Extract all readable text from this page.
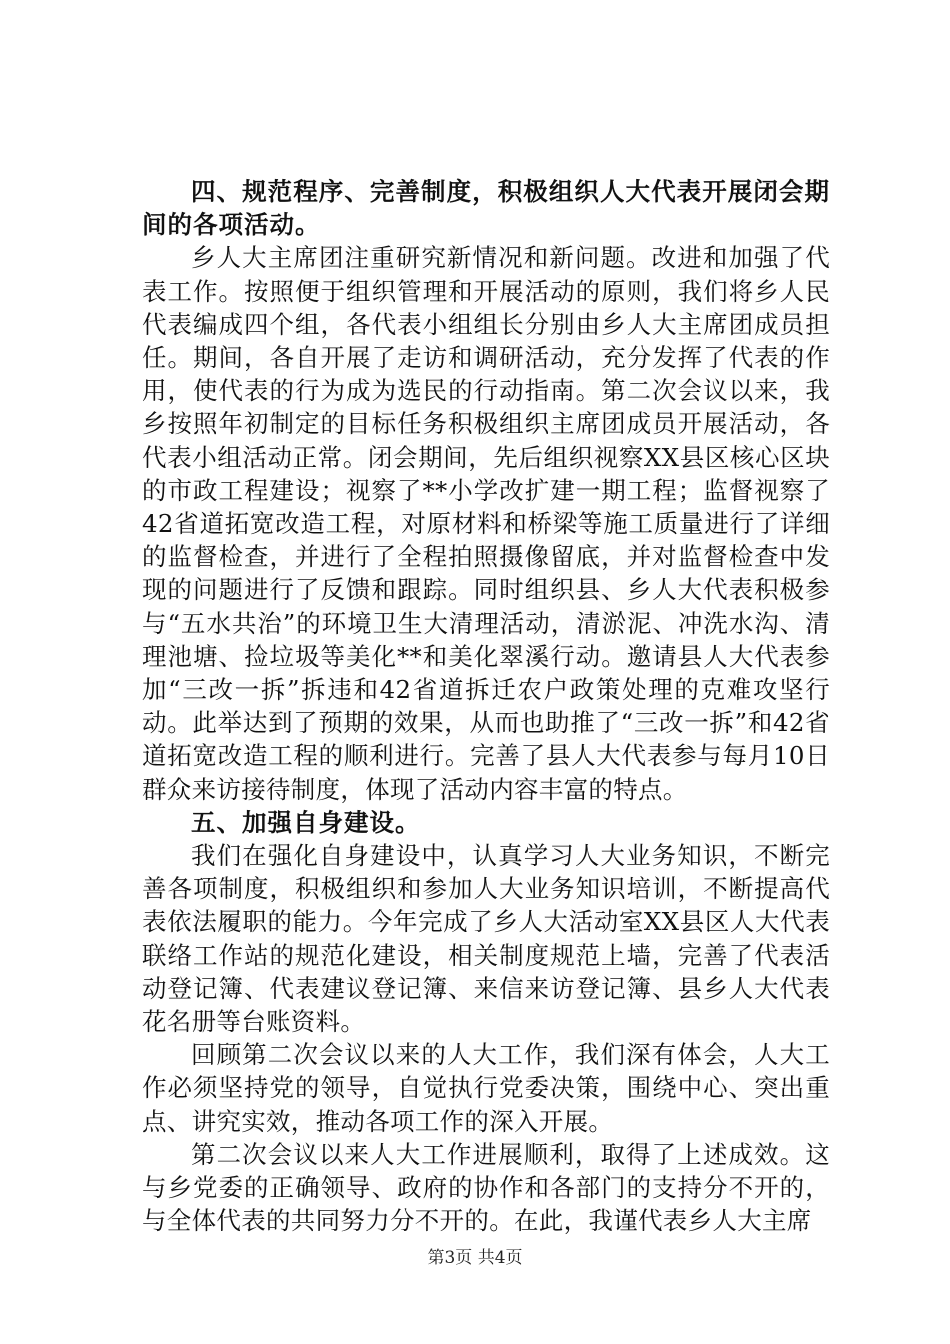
四、规范程序、完善制度，积极组织人大代表开展闭会期间的各项活动。

乡人大主席团注重研究新情况和新问题。改进和加强了代表工作。按照便于组织管理和开展活动的原则，我们将乡人民代表编成四个组，各代表小组组长分别由乡人大主席团成员担任。期间，各自开展了走访和调研活动，充分发挥了代表的作用，使代表的行为成为选民的行动指南。第二次会议以来，我乡按照年初制定的目标任务积极组织主席团成员开展活动，各代表小组活动正常。闭会期间，先后组织视察XX县区核心区块的市政工程建设；视察了**小学改扩建一期工程；监督视察了42省道拓宽改造工程，对原材料和桥梁等施工质量进行了详细的监督检查，并进行了全程拍照摄像留底，并对监督检查中发现的问题进行了反馈和跟踪。同时组织县、乡人大代表积极参与“五水共治”的环境卫生大清理活动，清淤泥、冲洗水沟、清理池塘、捡垃圾等美化**和美化翠溪行动。邀请县人大代表参加“三改一拆”拆违和42省道拆迁农户政策处理的克难攻坚行动。此举达到了预期的效果，从而也助推了“三改一拆”和42省道拓宽改造工程的顺利进行。完善了县人大代表参与每月10日群众来访接待制度，体现了活动内容丰富的特点。

五、加强自身建设。

我们在强化自身建设中，认真学习人大业务知识，不断完善各项制度，积极组织和参加人大业务知识培训，不断提高代表依法履职的能力。今年完成了乡人大活动室XX县区人大代表联络工作站的规范化建设，相关制度规范上墙，完善了代表活动登记簿、代表建议登记簿、来信来访登记簿、县乡人大代表花名册等台账资料。

回顾第二次会议以来的人大工作，我们深有体会，人大工作必须坚持党的领导，自觉执行党委决策，围绕中心、突出重点、讲究实效，推动各项工作的深入开展。

第二次会议以来人大工作进展顺利，取得了上述成效。这与乡党委的正确领导、政府的协作和各部门的支持分不开的，与全体代表的共同努力分不开的。在此，我谨代表乡人大主席

第3页 共4页
